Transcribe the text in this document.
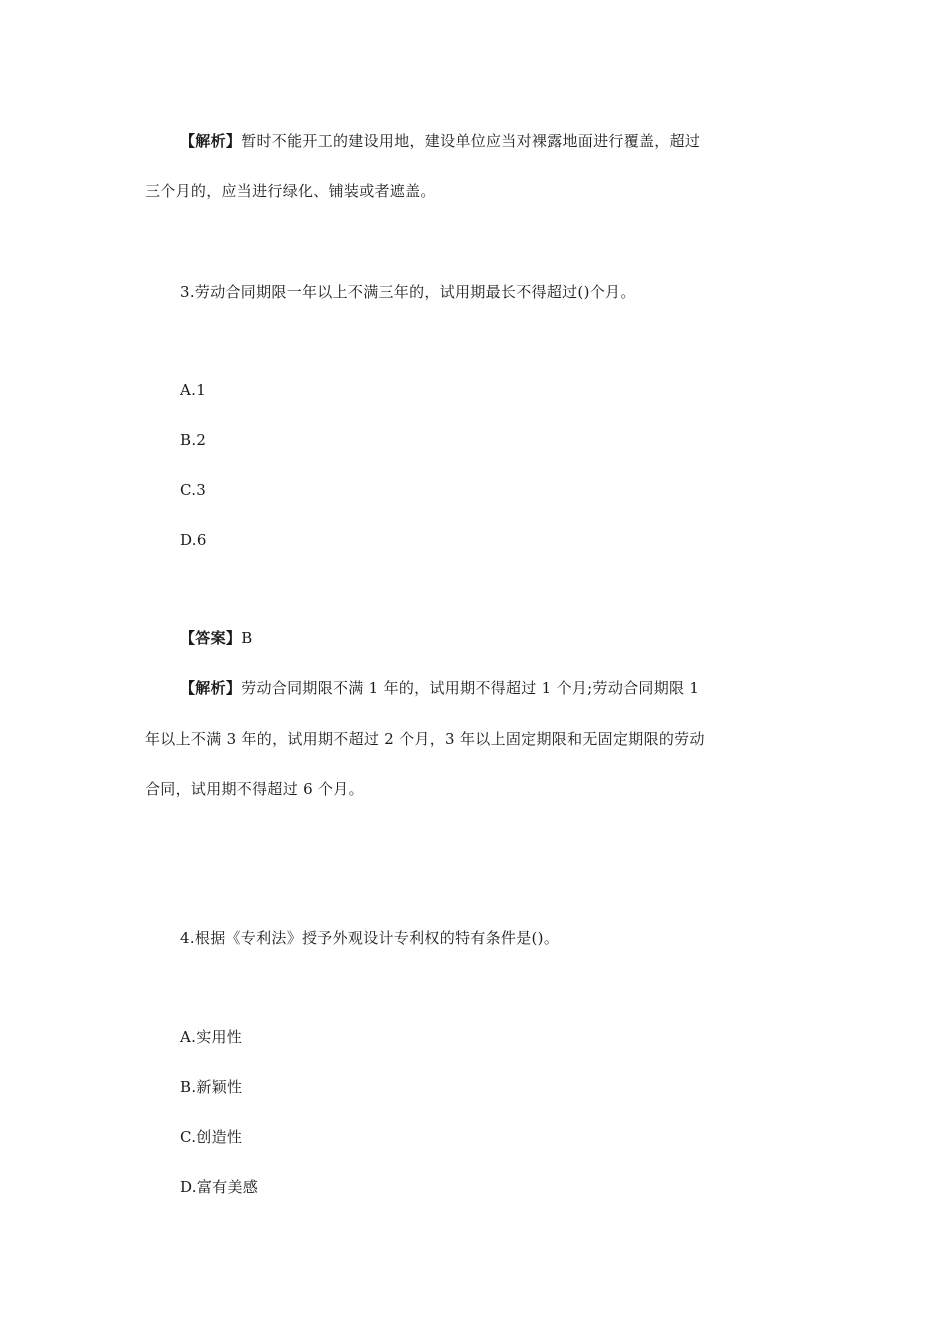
【解析】暂时不能开工的建设用地，建设单位应当对裸露地面进行覆盖，超过
三个月的，应当进行绿化、铺装或者遮盖。
3.劳动合同期限一年以上不满三年的，试用期最长不得超过()个月。
A.1
B.2
C.3
D.6
【答案】B
【解析】劳动合同期限不满 1 年的，试用期不得超过 1 个月;劳动合同期限 1
年以上不满 3 年的，试用期不超过 2 个月，3 年以上固定期限和无固定期限的劳动
合同，试用期不得超过 6 个月。
4.根据《专利法》授予外观设计专利权的特有条件是()。
A.实用性
B.新颖性
C.创造性
D.富有美感
